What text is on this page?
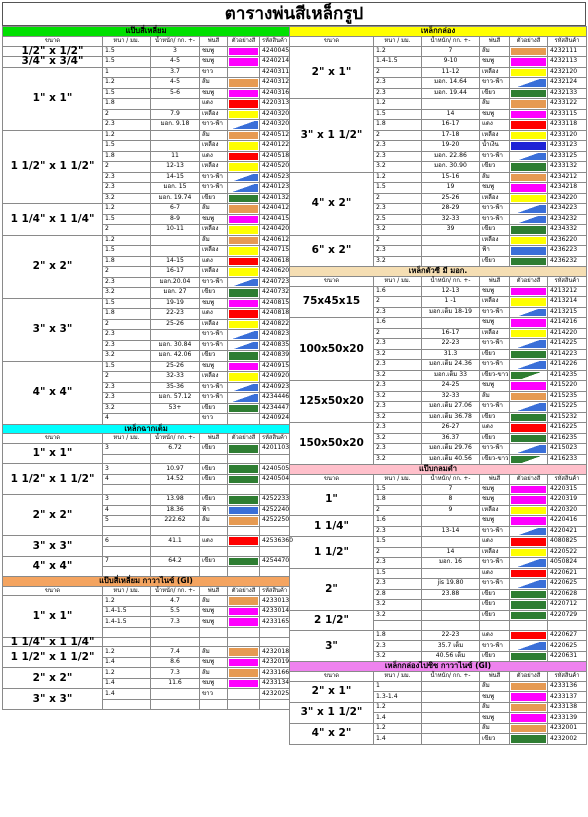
ตารางพ่นสีเหล็กรูป
แป๊บสี่เหลี่ยม					
ขนาด	หนา / มม.	น้ำหนัก/ กก. +-	พ่นสี	ตัวอย่างสี	รหัสสินค้า
1/2" x 1/2"	1.5	3	ชมพู		4240045
3/4" x 3/4"	1.5	4-5	ชมพู		4240214
1" x 1"	1	3.7	ขาว		4240311
	1.2	4-5	ส้ม		4240312
	1.5	5-6	ชมพู		4240316
	1.8		แดง		4220313
	2	7.9	เหลือง		4240320
	2.3	มอก. 9.18	ขาว-ฟ้า		4240320
1 1/2" x 1 1/2"	1.2		ส้ม		4240512
	1.5		เหลือง		4240122
	1.8	11	แดง		4240518
	2	12-13	เหลือง		4240520
	2.3	14-15	ขาว-ฟ้า		4240523
	2.3	มอก. 15	ขาว-ฟ้า		4240123
	3.2	มอก. 19.74	เขียว		4240132
1 1/4" x 1 1/4"	1.2	6-7	ส้ม		4240412
	1.5	8-9	ชมพู		4240415
	2	10-11	เหลือง		4240420
2" x 2"	1.2		ส้ม		4240612
	1.5		เหลือง		4240715
	1.8	14-15	แดง		4240618
	2	16-17	เหลือง		4240620
	2.3	มอก.20.04	ขาว-ฟ้า		4240723
	3.2	มอก. 27	เขียว		4240732
3" x 3"	1.5	19-19	ชมพู		4240815
	1.8	22-23	แดง		4240818
	2	25-26	เหลือง		4240822
	2.3		ขาว-ฟ้า		4240823
	2.3	มอก. 30.84	ขาว-ฟ้า		4240835
	3.2	มอก. 42.06	เขียว		4240839
4" x 4"	1.5	25-26	ชมพู		4240915
	2	32-33	เหลือง		4240920
	2.3	35-36	ขาว-ฟ้า		4240923
	2.3	มอก. 57.12	ขาว-ฟ้า		4234446
	3.2	53+	เขียว		4234447
	4		ขาว		4240924
เหล็กฉากเต็ม					
ขนาด	หนา / มม.	น้ำหนัก/ กก. +-	พ่นสี	ตัวอย่างสี	รหัสสินค้า
1" x 1"	3	6.72	เขียว		4201103

1 1/2" x 1 1/2"	3	10.97	เขียว		4240505
	4	14.52	เขียว		4240504

2" x 2"	3	13.98	เขียว		4252233
	4	18.36	ฟ้า		4252240
	5	222.62	ส้ม		4252250

3" x 3"	6	41.1	แดง		42536360

4" x 4"	7	64.2	เขียว		4254470

แป๊บสี่เหลี่ยม กาวาไนซ์ (GI)					
ขนาด	หนา / มม.	น้ำหนัก/ กก. +-	พ่นสี	ตัวอย่างสี	รหัสสินค้า
1" x 1"	1.2	4.7	ส้ม		4233013
	1.4-1.5	5.5	ชมพู		4233014
	1.4-1.5	7.3	ชมพู		4233165

1 1/4" x 1 1/4"					
1 1/2" x 1 1/2"	1.2	7.4	ส้ม		4232018
	1.4	8.6	ชมพู		4232019
2" x 2"	1.2	7.3	ส้ม		4233166
	1.4	11.6	ชมพู		4233134
3" x 3"	1.4		ขาว		4232025

เหล็กกล่อง					
ขนาด	หนา / มม.	น้ำหนัก/ กก. +-	พ่นสี	ตัวอย่างสี	รหัสสินค้า
2" x 1"	1.2	7	ส้ม		4232111
	1.4-1.5	9-10	ชมพู		4232113
	2	11-12	เหลือง		4232120
	2.3	มอก. 14.64	ขาว-ฟ้า		4232124
	2.3	มอก. 19.44	เขียว		4232133
3" x 1 1/2"	1.2		ส้ม		4233122
	1.5	14	ชมพู		4233115
	1.8	16-17	แดง		4233118
	2	17-18	เหลือง		4233120
	2.3	19-20	น้ำเงิน		4233123
	2.3	มอก. 22.86	ขาว-ฟ้า		4233125
	3.2	มอก. 30.90	เขียว		4233132
4" x 2"	1.2	15-16	ส้ม		4234212
	1.5	19	ชมพู		4234218
	2	25-26	เหลือง		4234220
	2.3	28-29	ขาว-ฟ้า		4234223
	2.5	32-33	ขาว-ฟ้า		4234232
	3.2	39	เขียว		4234332
6" x 2"	2		เหลือง		4236220
	2.3		ฟ้า		4236223
	3.2		เขียว		4236232
เหล็กตัวซี มี มอก.					
ขนาด	หนา / มม.	น้ำหนัก/ กก. +-	พ่นสี	ตัวอย่างสี	รหัสสินค้า
75x45x15	1.6	12-13	ชมพู		4213212
	2	1 -1	เหลือง		4213214
	2.3	มอก.เต็ม 18-19	ขาว-ฟ้า		4213215
100x50x20	1.6		ชมพู		4214216
	2	16-17	เหลือง		4214220
	2.3	22-23	ขาว-ฟ้า		4214225
	3.2	31.3	เขียว		4214223
	2.3	มอก.เต็ม 24.36	ขาว-ฟ้า		4214226
	3.2	มอก.เต็ม 33	เขียว-ขาว		4214235
125x50x20	2.3	24-25	ชมพู		4215220
	3.2	32-33	ส้ม		4215235
	2.3	มอก.เต็ม 27.06	ขาว-ฟ้า		4215225
	3.2	มอก.เต็ม 36.78	เขียว		4215232
150x50x20	2.3	26-27	แดง		4216225
	3.2	36.37	เขียว		4216235
	2.3	มอก.เต็ม 29.76	ขาว-ฟ้า		4215023
	3.2	มอก.เต็ม 40.56	เขียว-ขาว		4216233
แป๊บกลมดำ					
ขนาด	หนา / มม.	น้ำหนัก/ กก. +-	พ่นสี	ตัวอย่างสี	รหัสสินค้า
1"	1.5	7	ชมพู		4220315
	1.8	8	ชมพู		4220319
	2	9	เหลือง		4220320
1 1/4"	1.6		ชมพู		4220416
	2.3	13-14	ขาว-ฟ้า		4220421
1 1/2"	1.5		แดง		4080825
	2	14	เหลือง		4220522
	2.3	มอก. 16	ขาว-ฟ้า		4050824
2"	1.5		แดง		4220621
	2.3	jis 19.80	ขาว-ฟ้า		4220625
	2.8	23.88	เขียว		4220628
	3.2		เขียว		4220712
2 1/2"	3.2		เขียว		4220729

3"	1.8	22-23	แดง		4220627
	2.3	35.7 เต็ม	ขาว-ฟ้า		4220625
	3.2	40.56 เต็ม	เขียว		4220631
เหล็กกล่องไปซิซ กาวาไนซ์ (GI)					
ขนาด	หนา / มม.	น้ำหนัก/ กก. +-	พ่นสี	ตัวอย่างสี	รหัสสินค้า
2" x 1"	1		ส้ม		4233136
	1.3-1.4		ชมพู		4233137
3" x 1 1/2"	1.2		ส้ม		4233138
	1.4		ชมพู		4233139
4" x 2"	1.2		ส้ม		4232001
	1.4		เขียว		4232002
